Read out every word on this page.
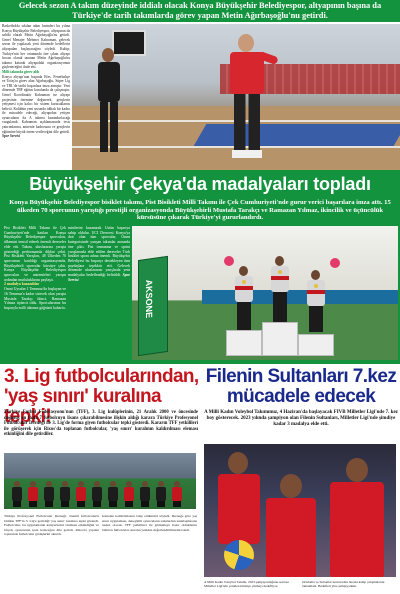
Gelecek sezon A takım düzeyinde iddialı olacak Konya Büyükşehir Belediyespor, altyapının başına da
Türkiye'de tarih takımlarda görev yapan Metin Ağırbaşoğlu'nu getirdi.
Basketbolda sıkılan adım lasimleri bu yılına Konya Büyükşehir Belediyespor, altyapının da sahibi olarak Metin Ağırbaşoğlu'nu getirdi. Genel Menajer Mehmet Kahraman, gelecek sezon ile yapılacak yeni dönemde hedeflerin altyapıdan başlayacağını söyledi. Kulüp; Türkiye'nin her ortamında öne çıkan altyapı hocası olarak tanınan Metin Ağırbaşoğlu'nu takıma katarak altyapıdaki organizasyonun güçleneceğini ifade etti.
Milli takımda görev aldı
Konya altyapı'nun başında Efes, Fenerbahçe ve Tofaş'ta görev alan Ağırbaşoğlu, Süper Lig ve TBL'de tarihi başarılara imza atmıştır. Yeni dönemde TBF eğitim kurulunda da çalışmıştır. Genel Koordinatör Kahraman ise altyapı projesinin önemine değinerek, gençlerin yetişmesi için kalıcı bir sistem kuracaklarını belirtti. Kulübün yeni sezonda iddialı bir kadro ile mücadele edeceği, altyapıdan yetişen oyuncuların da A takıma kazandırılacağı vurgulandı. Kahraman açıklamasında tesis yatırımlarına, antrenör kadrosuna ve gençlerin eğitimine büyük önem verileceğini dile getirdi. Spor Servisi
Büyükşehir Çekya'da madalyaları topladı

Konya Büyükşehir Belediyespor bisiklet takımı, Pist Bisikleti Milli Takımı ile Çek Cumhuriyeti'nde gurur verici başarılara imza attı. 15 ülkeden 70 sporcunun yarıştığı prestijli organizasyonda Büyükşehirli Mustafa Tarakçı ve Ramazan Yılmaz, ikincilik ve üçüncülük kürsüsüne çıkarak Türkiye'yi gururlandırdı.

Pist Bisikleti Milli Takımı ile Çek Cumhuriyeti'nde katılan Konya Büyükşehir Belediyespor sporcuları, ülkemizi temsil ederek önemli dereceler elde etti. Takım, uluslararası yarışta gösterdiği performansla dikkat çekti. Pist Bisikleti Yarışları, 48 Ülkeden 70 sporcunun katıldığı organizasyonda, Büyükşehirli sporcular kürsüye çıktı. Konya Büyükşehir Belediyespor sporcuları ve antrenörleri yarışın ardından mutluluklarını paylaştı.
2 madalya kazandılar
Omni Uysalın 1 Temmuz'da başlayan ve 16 Temmuz'a kadar sürecek olan yarışta Mustafa Tarakçı ikinci, Ramazan Yılmaz üçüncü oldu. Sporcularımız bu başarıyla milli takımın göğsünü kabarttı.
mistlerini kazanarak Üstün başarıya sahip oldular. UCI Derecesi Konya'ya dair olan tüm sporcular, Omni kategorisinde yarışan takımlar arasında öne çıktı. Pist tırmanma ve sprint yarışlarında elde edilen dereceler Türk bisiklet sporu adına önemli. Büyükşehir Belediyesi bu başarıyı destekleyen tüm paydaşlara teşekkür etti. Gelecek dönemde uluslararası yarışlarda yeni madalyalar hedeflendiği belirtildi. Spor Servisi	AKSONE
3. Lig futbolcularından, 'yaş sınırı' kuralına tepki!

Türkiye Futbol Federasyonu'nun (TFF), 3. Lig kulüplerinin, 21 Aralık 2000 ve öncesinde doğmuş en fazla 7 futbolcuyu lisans çıkarabilmesine ilişkin aldığı karara Türkiye Profesyonel Futbolcular Derneği ile 3. Lig'de forma giyen futbolcular tepki gösterdi. Kararın TFF yetkilileri ile görüşerek için Rixos'da toplanan futbolcular, 'yaş sınırı' kuralının kaldırılması eleması etkinliğini dile getirdiler.

Türkiye Profesyonel Futbolcular Derneği, önemli futbolcularla birlikte TFF'in 3. Lig'e getirdiği 'yaş sınırı' kuralına tepki gösterdi. Futbolcular, bu uygulamanın kariyerlerini olumsuz etkilediğini ve birçok oyuncunun işsiz kalacağını dile getirdi. Rixos'ta yapılan toplantıda futbolcular görüşlerini aktardı.
konudan kaldırılmasını talep ettiklerini söyledi. Derneğe göre yaş sınırı uygulaması, deneyimli oyuncuların sahalardan uzaklaşmasına neden olacak. TFF yetkilileri ile görüşmeye hazır olduklarını belirten futbolcular, kuralın yeniden değerlendirilmesini istedi.
Filenin Sultanları 7.kez mücadele edecek

A Milli Kadın Voleybol Takımımız, 4 Haziran'da başlayacak FIVB Milletler Ligi'nde 7. kez boy gösterecek. 2023 yılında şampiyon olan Filenin Sultanları, Milletler Ligi'nde şimdiye kadar 3 madalya elde etti.

A Milli Kadın Voleybol Takımı, 2023 şampiyonluğunu sonrası Milletler Ligi'nde yeniden kürsüye çıkmayı hedefliyor.
Ortalama ve Sultanlar turnuvadan önceki kamp çalışmalarını tamamladı. Hedefleri yine şampiyonluk.
